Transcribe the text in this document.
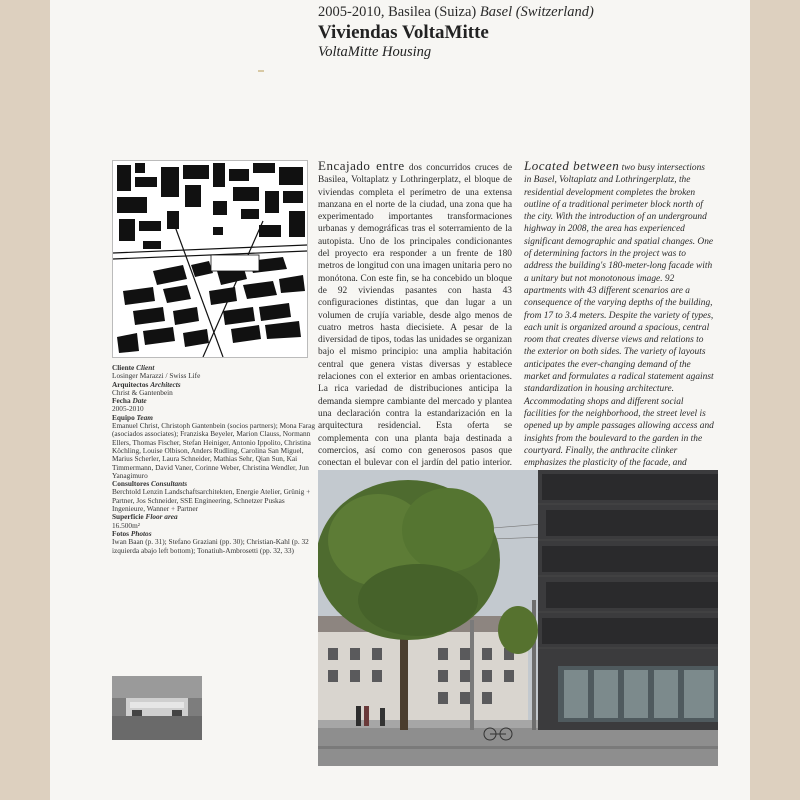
2005-2010, Basilea (Suiza) Basel (Switzerland)
Viviendas VoltaMitte
VoltaMitte Housing
Cliente Client
Losinger Marazzi / Swiss Life
Arquitectos Architects
Christ & Gantenbein
Fecha Date
2005-2010
Equipo Team
Emanuel Christ, Christoph Gantenbein (socios partners); Mona Farag (asociados associates); Franziska Beyeler, Marion Clauss, Normann Ellers, Thomas Fischer, Stefan Heiniger, Antonio Ippolito, Christina Köchling, Louise Olbison, Anders Rudling, Carolina San Miguel, Marius Scherler, Laura Schneider, Mathias Sehr, Qian Sun, Kai Timmermann, David Vaner, Corinne Weber, Christina Wendler, Jun Yanagimuro
Consultores Consultants
Berchtold Lenzin Landschaftsarchitekten, Energie Atelier, Grünig + Partner, Jos Schneider, SSE Engineering, Schnetzer Puskas Ingenieure, Wanner + Partner
Superficie Floor area
16.500m²
Fotos Photos
Iwan Baan (p. 31); Stefano Graziani (pp. 30); Christian-Kahl (p. 32 izquierda abajo left bottom); Tonatiuh-Ambrosetti (pp. 32, 33)
Encajado entre dos concurridos cruces de Basilea, Voltaplatz y Lothringerplatz, el bloque de viviendas completa el perímetro de una extensa manzana en el norte de la ciudad, una zona que ha experimentado importantes transformaciones urbanas y demográficas tras el soterramiento de la autopista. Uno de los principales condicionantes del proyecto era responder a un frente de 180 metros de longitud con una imagen unitaria pero no monótona. Con este fin, se ha concebido un bloque de 92 viviendas pasantes con hasta 43 configuraciones distintas, que dan lugar a un volumen de crujía variable, desde algo menos de cuatro metros hasta diecisiete. A pesar de la diversidad de tipos, todas las unidades se organizan bajo el mismo principio: una amplia habitación central que genera vistas diversas y establece relaciones con el exterior en ambas orientaciones. La rica variedad de distribuciones anticipa la demanda siempre cambiante del mercado y plantea una declaración contra la estandarización en la arquitectura residencial. Esta oferta se complementa con una planta baja destinada a comercios, así como con generosos pasos que conectan el bulevar con el jardín del patio interior.
Located between two busy intersections in Basel, Voltaplatz and Lothringerplatz, the residential development completes the broken outline of a traditional perimeter block north of the city. With the introduction of an underground highway in 2008, the area has experienced significant demographic and spatial changes. One of determining factors in the project was to address the building's 180-meter-long facade with a unitary but not monotonous image. 92 apartments with 43 different scenarios are a consequence of the varying depths of the building, from 17 to 3.4 meters. Despite the variety of types, each unit is organized around a spacious, central room that creates diverse views and relations to the exterior on both sides. The variety of layouts anticipates the ever-changing demand of the market and formulates a radical statement against standardization in housing architecture. Accommodating shops and different social facilities for the neighborhood, the street level is opened up by ample passages allowing access and insights from the boulevard to the garden in the courtyard. Finally, the anthracite clinker emphasizes the plasticity of the facade, and
